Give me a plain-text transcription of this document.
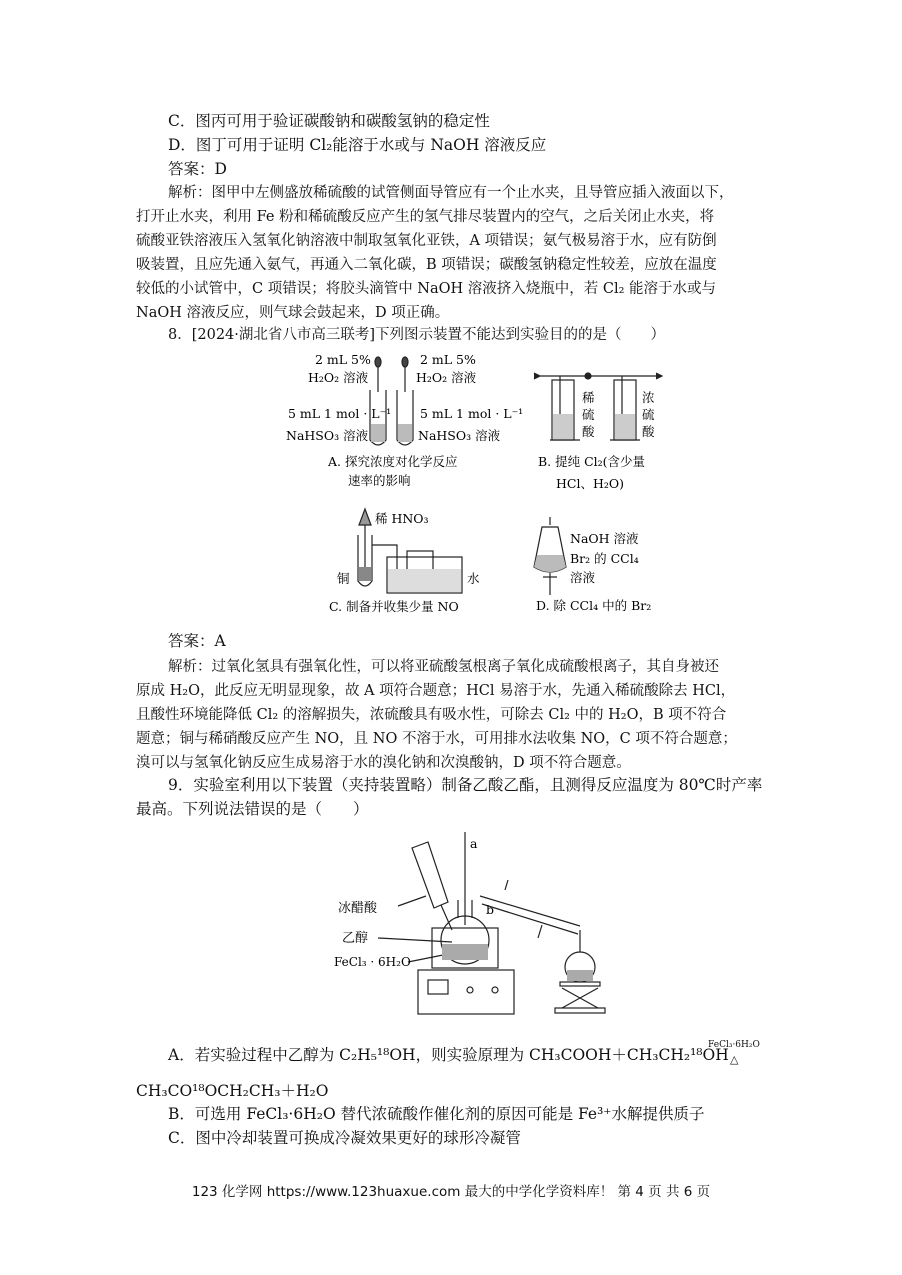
C．图丙可用于验证碳酸钠和碳酸氢钠的稳定性
D．图丁可用于证明 Cl₂能溶于水或与 NaOH 溶液反应
答案：D
解析：图甲中左侧盛放稀硫酸的试管侧面导管应有一个止水夹，且导管应插入液面以下，
打开止水夹，利用 Fe 粉和稀硫酸反应产生的氢气排尽装置内的空气，之后关闭止水夹，将
硫酸亚铁溶液压入氢氧化钠溶液中制取氢氧化亚铁，A 项错误；氨气极易溶于水，应有防倒
吸装置，且应先通入氨气，再通入二氧化碳，B 项错误；碳酸氢钠稳定性较差，应放在温度
较低的小试管中，C 项错误；将胶头滴管中 NaOH 溶液挤入烧瓶中，若 Cl₂ 能溶于水或与
NaOH 溶液反应，则气球会鼓起来，D 项正确。
8．[2024·湖北省八市高三联考]下列图示装置不能达到实验目的的是（　　）
2 mL 5%
H₂O₂ 溶液
2 mL 5%
H₂O₂ 溶液
5 mL 1 mol · L⁻¹
NaHSO₃ 溶液
5 mL 1 mol · L⁻¹
NaHSO₃ 溶液
A. 探究浓度对化学反应
速率的影响
稀
硫
酸
浓
硫
酸
B. 提纯 Cl₂(含少量
HCl、H₂O)
稀 HNO₃
铜	水
C. 制备并收集少量 NO
NaOH 溶液
Br₂ 的 CCl₄
溶液
D. 除 CCl₄ 中的 Br₂
答案：A
解析：过氧化氢具有强氧化性，可以将亚硫酸氢根离子氧化成硫酸根离子，其自身被还
原成 H₂O，此反应无明显现象，故 A 项符合题意；HCl 易溶于水，先通入稀硫酸除去 HCl，
且酸性环境能降低 Cl₂ 的溶解损失，浓硫酸具有吸水性，可除去 Cl₂ 中的 H₂O，B 项不符合
题意；铜与稀硝酸反应产生 NO，且 NO 不溶于水，可用排水法收集 NO，C 项不符合题意；
溴可以与氢氧化钠反应生成易溶于水的溴化钠和次溴酸钠，D 项不符合题意。
9．实验室利用以下装置（夹持装置略）制备乙酸乙酯，且测得反应温度为 80℃时产率
最高。下列说法错误的是（　　）
a
b
冰醋酸
乙醇
FeCl₃ · 6H₂O
A．若实验过程中乙醇为 C₂H₅¹⁸OH，则实验原理为 CH₃COOH＋CH₃CH₂¹⁸OH
FeCl₃·6H₂O
△
CH₃CO¹⁸OCH₂CH₃＋H₂O
B．可选用 FeCl₃·6H₂O 替代浓硫酸作催化剂的原因可能是 Fe³⁺水解提供质子
C．图中冷却装置可换成冷凝效果更好的球形冷凝管
123 化学网 https://www.123huaxue.com 最大的中学化学资料库！ 第 4 页 共 6 页
